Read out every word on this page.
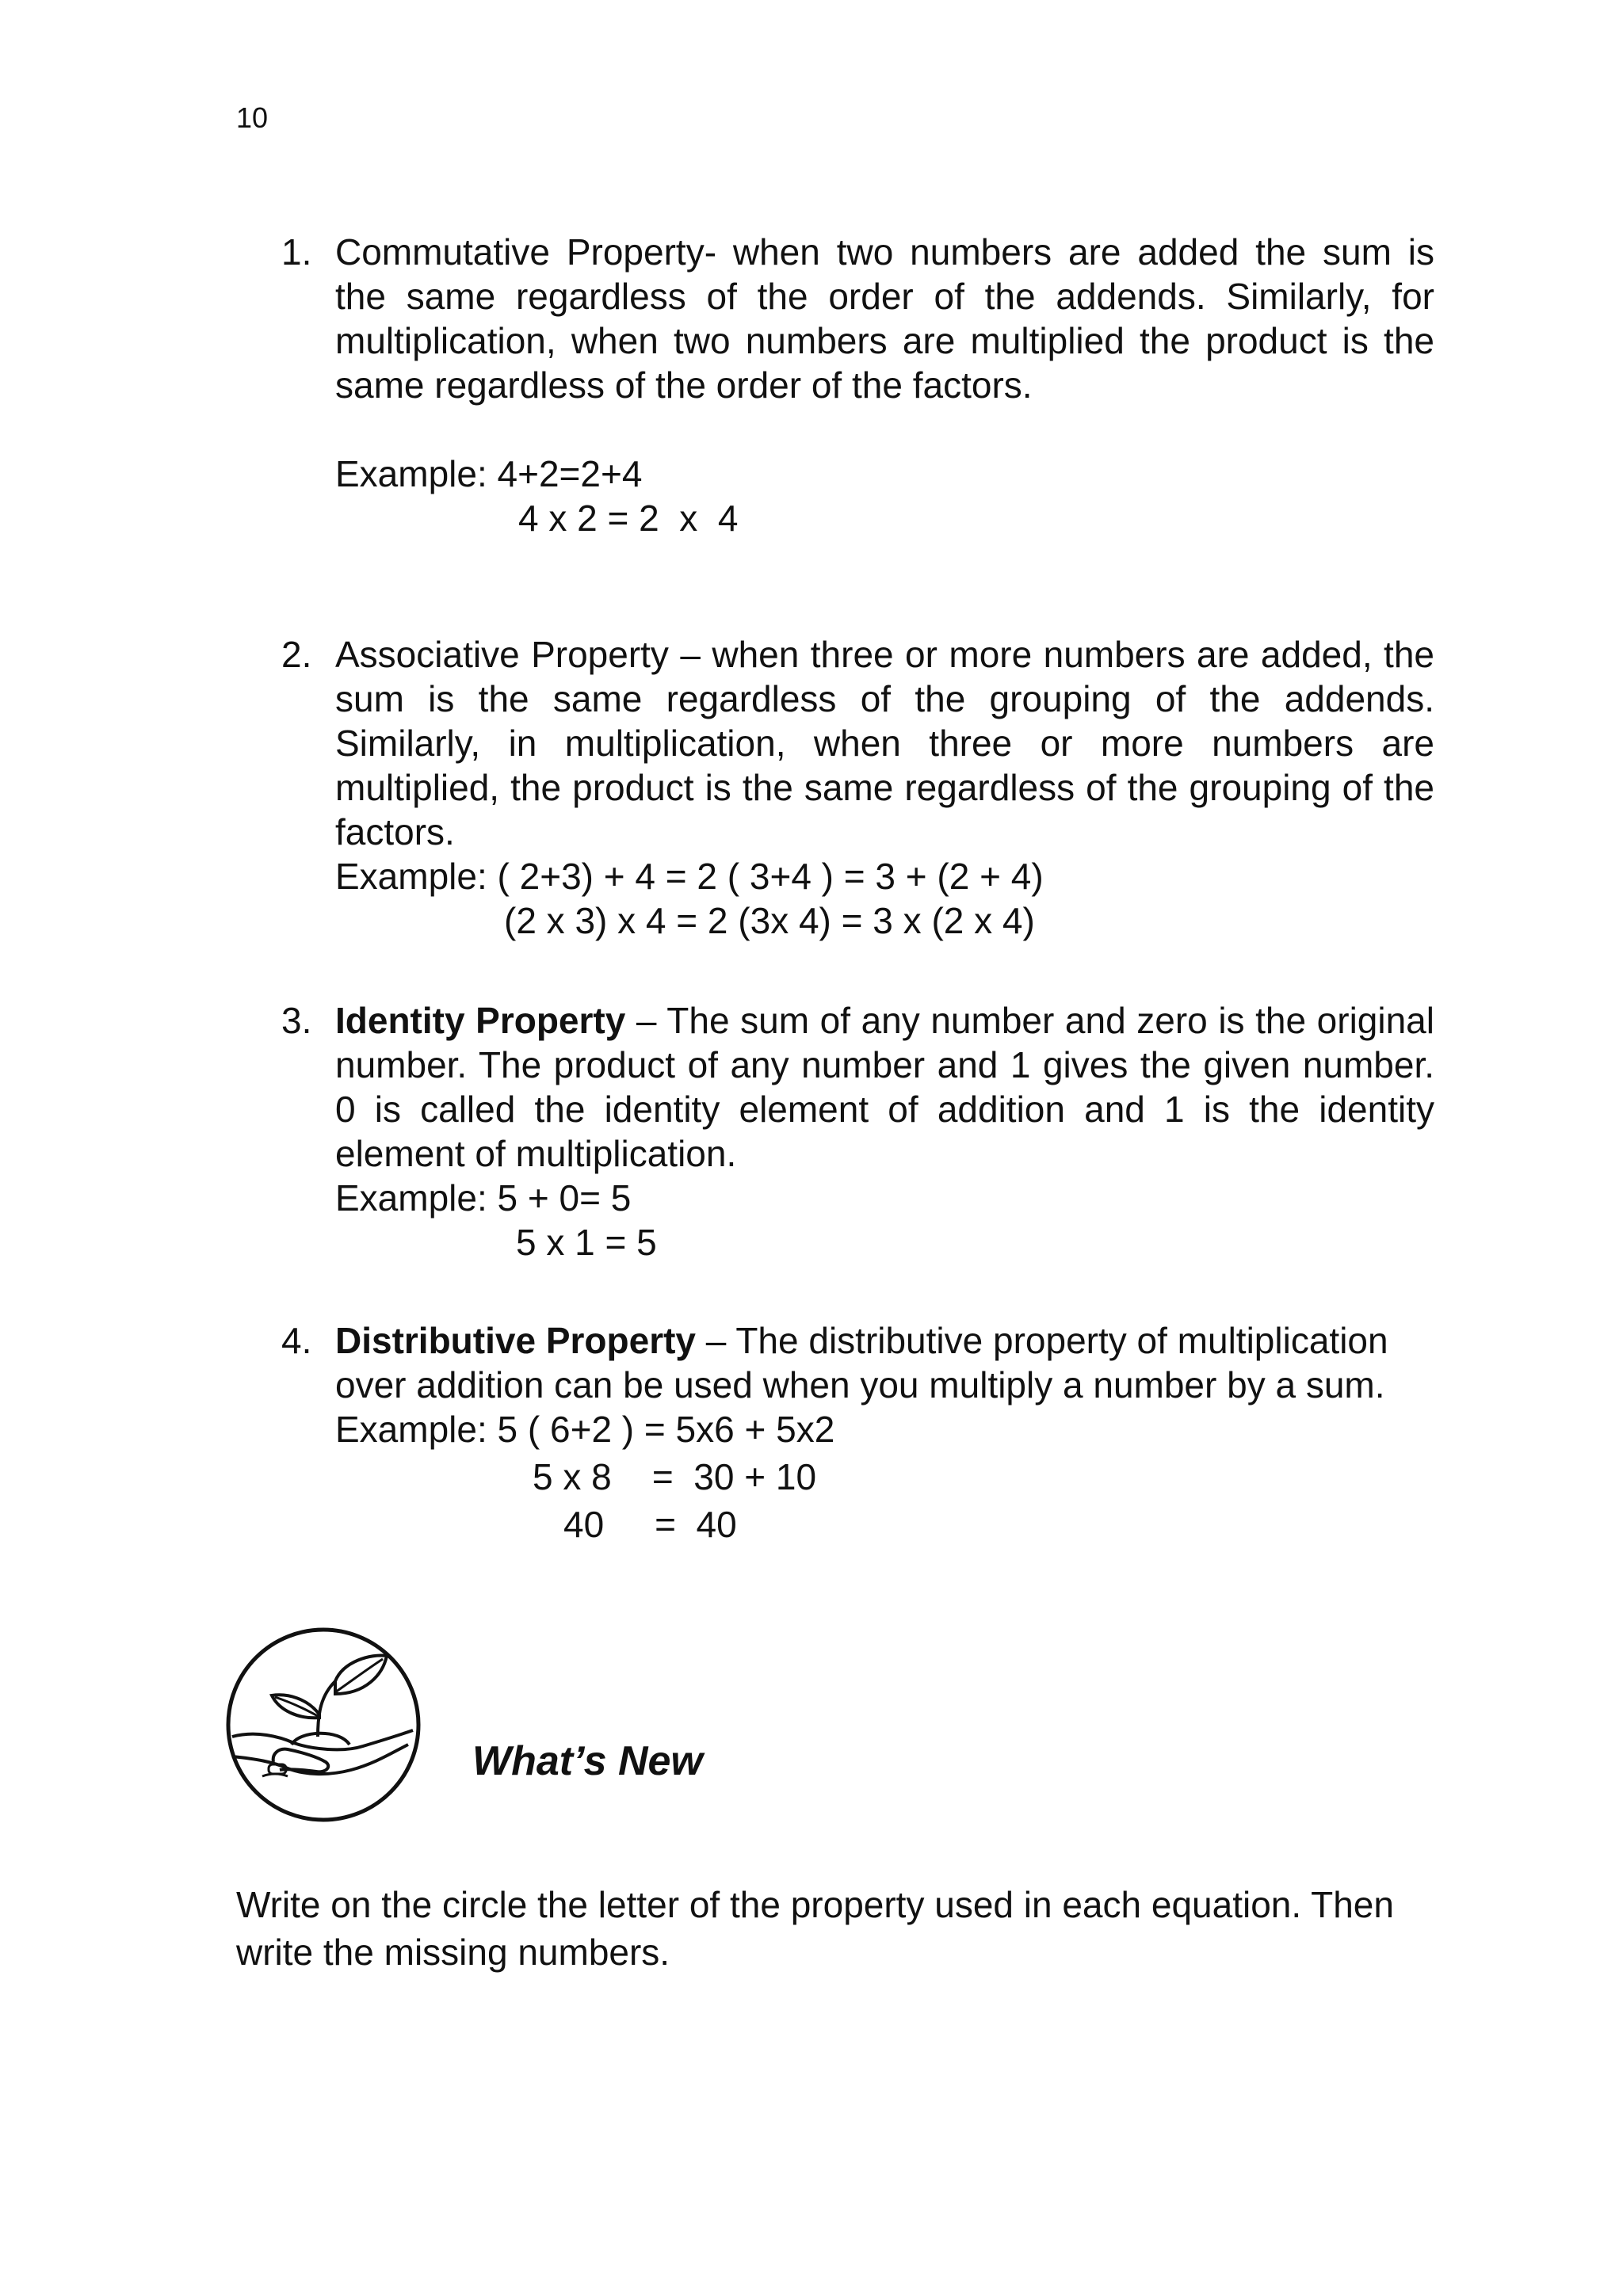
10
1. Commutative Property- when two numbers are added the sum is the same regardless of the order of the addends. Similarly, for multiplication, when two numbers are multiplied the product is the same regardless of the order of the factors.
Example: 4+2=2+4
4 x 2 = 2  x  4
2. Associative Property – when three or more numbers are added, the sum is the same regardless of the grouping of the addends. Similarly, in multiplication, when three or more numbers are multiplied, the product is the same regardless of the grouping of the factors.
Example: ( 2+3) + 4 = 2 ( 3+4 ) = 3 + (2 + 4)
(2 x 3) x 4 = 2 (3x 4) = 3 x (2 x 4)
3. Identity Property – The sum of any number and zero is the original number. The product of any number and 1 gives the given number. 0 is called the identity element of addition and 1 is the identity element of multiplication.
Example: 5 + 0= 5
5 x 1 = 5
4. Distributive Property – The distributive property of multiplication over addition can be used when you multiply a number by a sum.
Example: 5 ( 6+2 ) = 5x6 + 5x2
5 x 8    =  30 + 10
40     =  40
What’s New
Write on the circle the letter of the property used in each equation. Then write the missing numbers.
